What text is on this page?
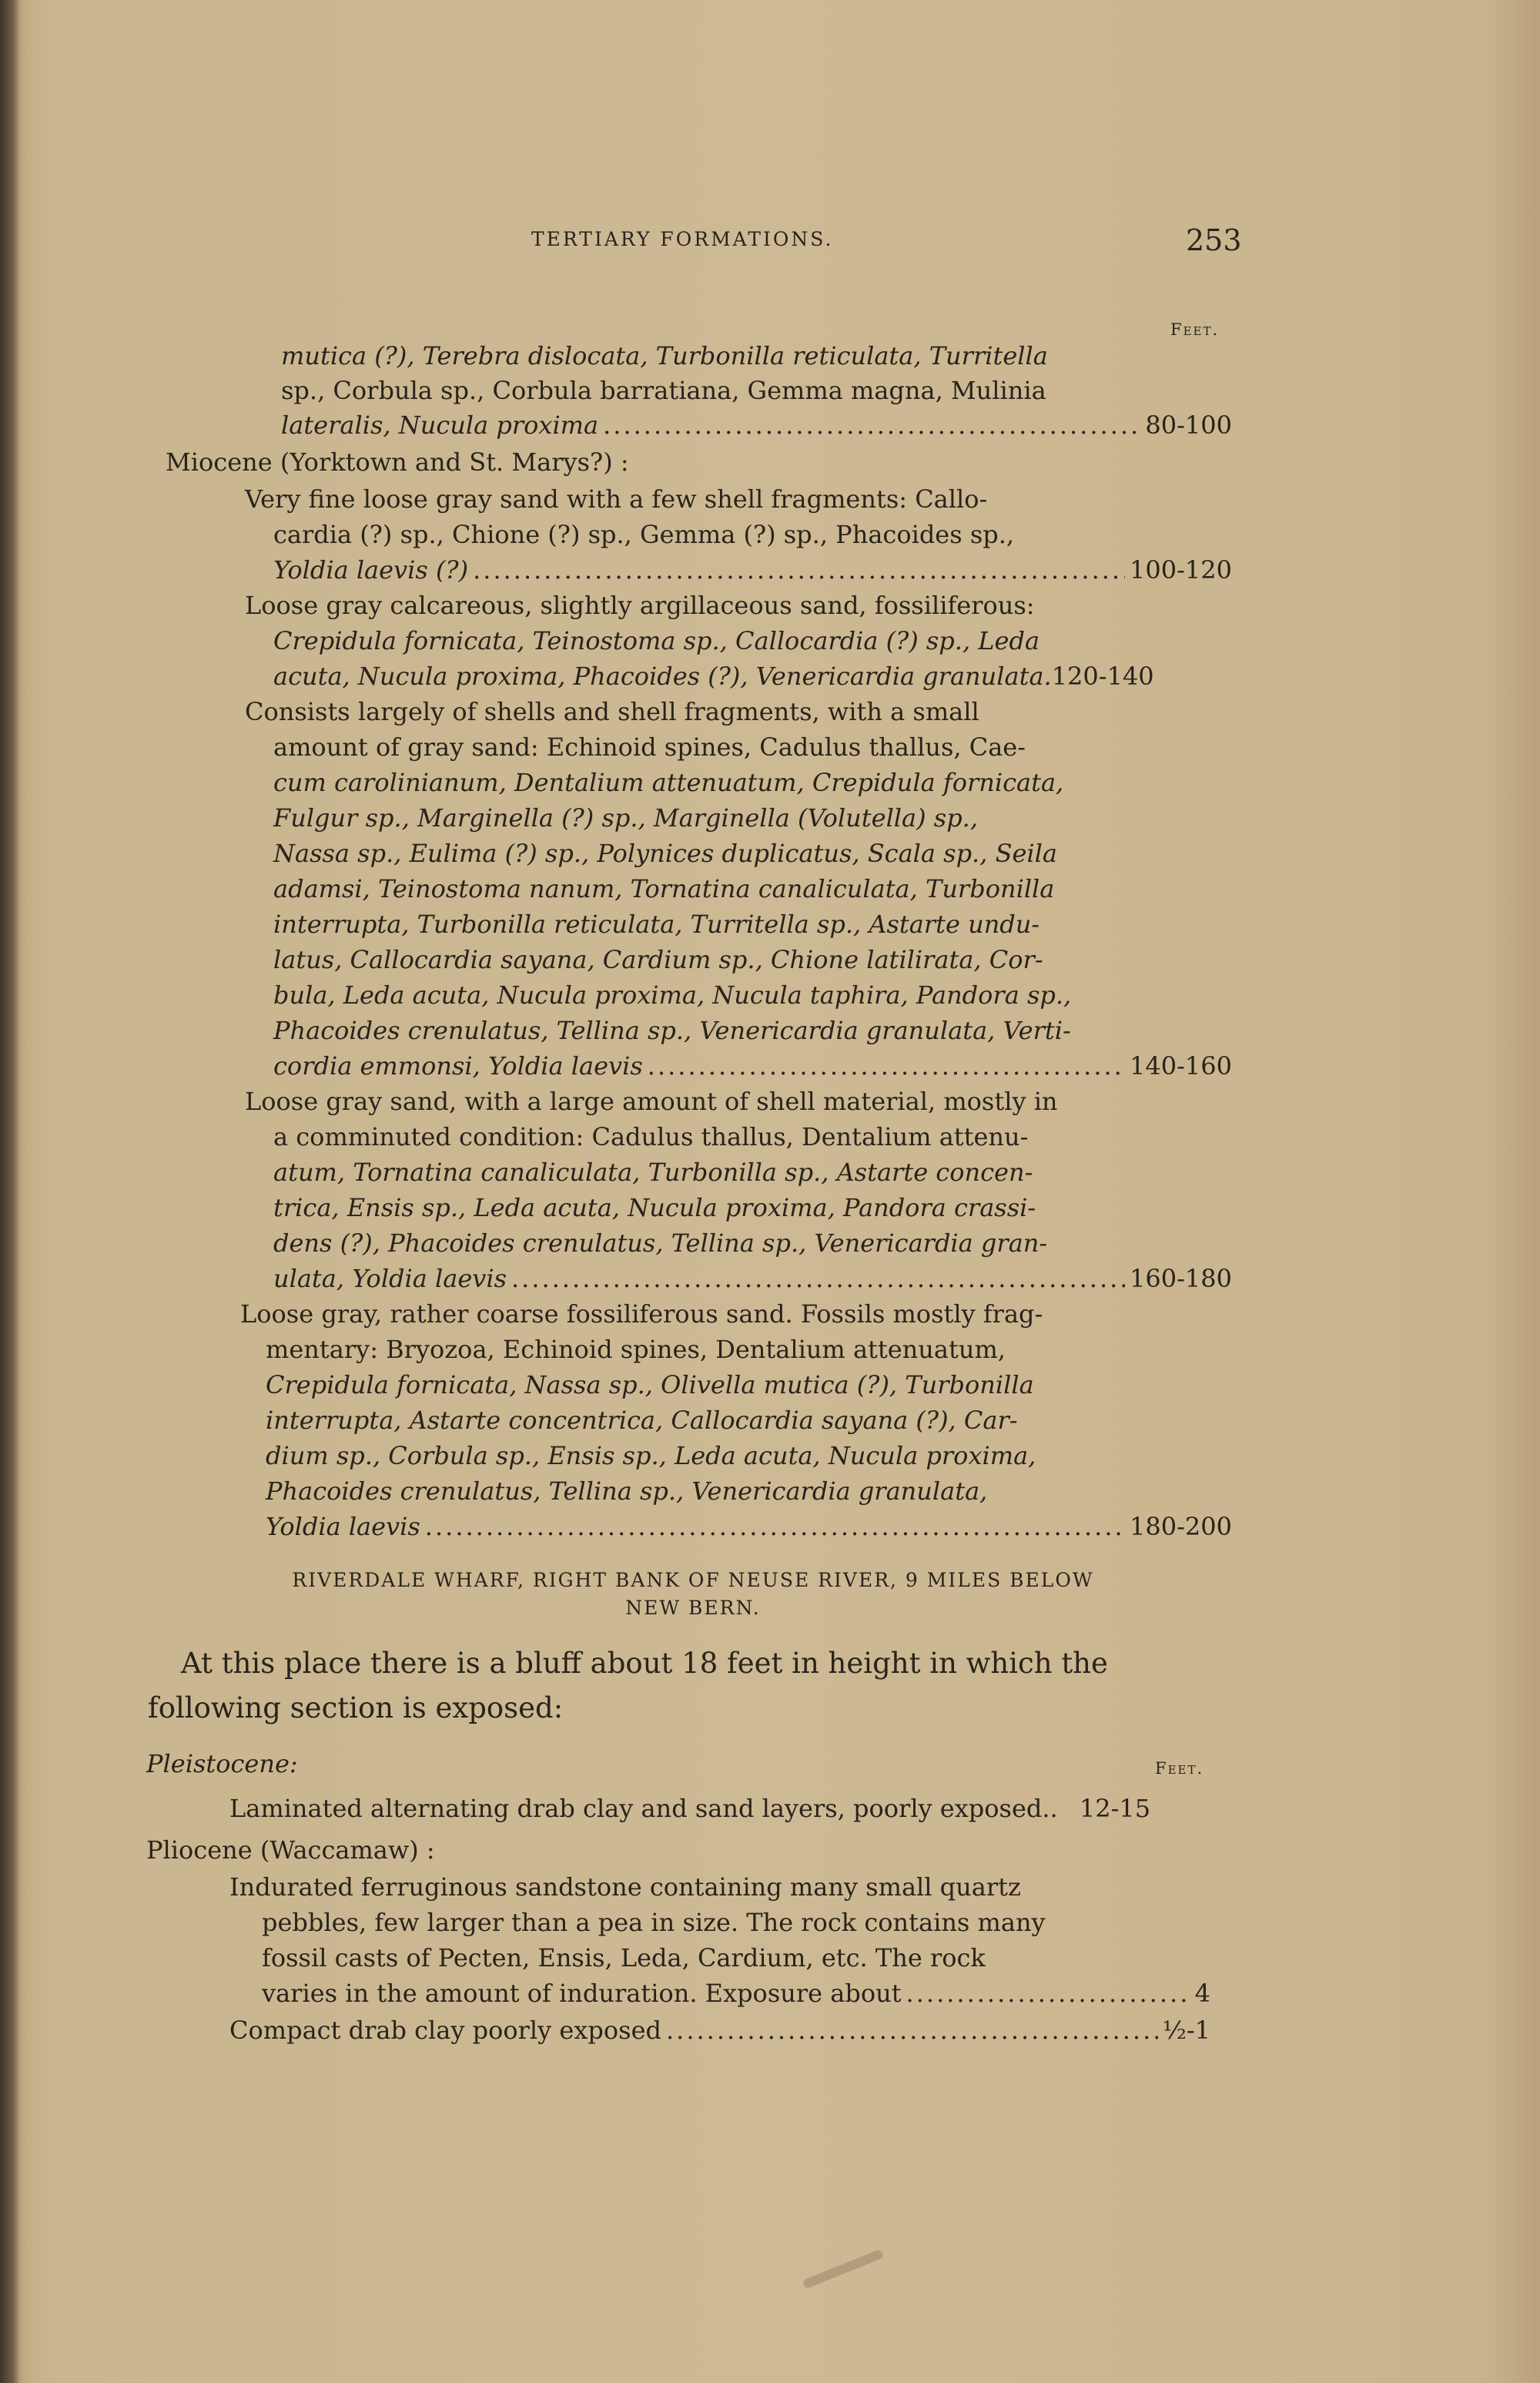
TERTIARY FORMATIONS.	253
Feet.
mutica (?), Terebra dislocata, Turbonilla reticulata, Turritella
sp., Corbula sp., Corbula barratiana, Gemma magna, Mulinia
lateralis, Nucula proxima .....	80-100
Miocene (Yorktown and St. Marys?) :
Very fine loose gray sand with a few shell fragments: Callo-
cardia (?) sp., Chione (?) sp., Gemma (?) sp., Phacoides sp.,
Yoldia laevis (?) .....	100-120
Loose gray calcareous, slightly argillaceous sand, fossiliferous:
Crepidula fornicata, Teinostoma sp., Callocardia (?) sp., Leda
acuta, Nucula proxima, Phacoides (?), Venericardia granulata.120-140
Consists largely of shells and shell fragments, with a small
amount of gray sand: Echinoid spines, Cadulus thallus, Cae-
cum carolinianum, Dentalium attenuatum, Crepidula fornicata,
Fulgur sp., Marginella (?) sp., Marginella (Volutella) sp.,
Nassa sp., Eulima (?) sp., Polynices duplicatus, Scala sp., Seila
adamsi, Teinostoma nanum, Tornatina canaliculata, Turbonilla
interrupta, Turbonilla reticulata, Turritella sp., Astarte undu-
latus, Callocardia sayana, Cardium sp., Chione latilirata, Cor-
bula, Leda acuta, Nucula proxima, Nucula taphira, Pandora sp.,
Phacoides crenulatus, Tellina sp., Venericardia granulata, Verti-
cordia emmonsi, Yoldia laevis .....	140-160
Loose gray sand, with a large amount of shell material, mostly in
a comminuted condition: Cadulus thallus, Dentalium attenu-
atum, Tornatina canaliculata, Turbonilla sp., Astarte concen-
trica, Ensis sp., Leda acuta, Nucula proxima, Pandora crassi-
dens (?), Phacoides crenulatus, Tellina sp., Venericardia gran-
ulata, Yoldia laevis .....	160-180
Loose gray, rather coarse fossiliferous sand. Fossils mostly frag-
mentary: Bryozoa, Echinoid spines, Dentalium attenuatum,
Crepidula fornicata, Nassa sp., Olivella mutica (?), Turbonilla
interrupta, Astarte concentrica, Callocardia sayana (?), Car-
dium sp., Corbula sp., Ensis sp., Leda acuta, Nucula proxima,
Phacoides crenulatus, Tellina sp., Venericardia granulata,
Yoldia laevis .....	180-200
RIVERDALE WHARF, RIGHT BANK OF NEUSE RIVER, 9 MILES BELOW
NEW BERN.
At this place there is a bluff about 18 feet in height in which the
following section is exposed:
Pleistocene:	Feet.
Laminated alternating drab clay and sand layers, poorly exposed.. 12-15
Pliocene (Waccamaw) :
Indurated ferruginous sandstone containing many small quartz
pebbles, few larger than a pea in size. The rock contains many
fossil casts of Pecten, Ensis, Leda, Cardium, etc. The rock
varies in the amount of induration. Exposure about .....	4
Compact drab clay poorly exposed .....	½-1
